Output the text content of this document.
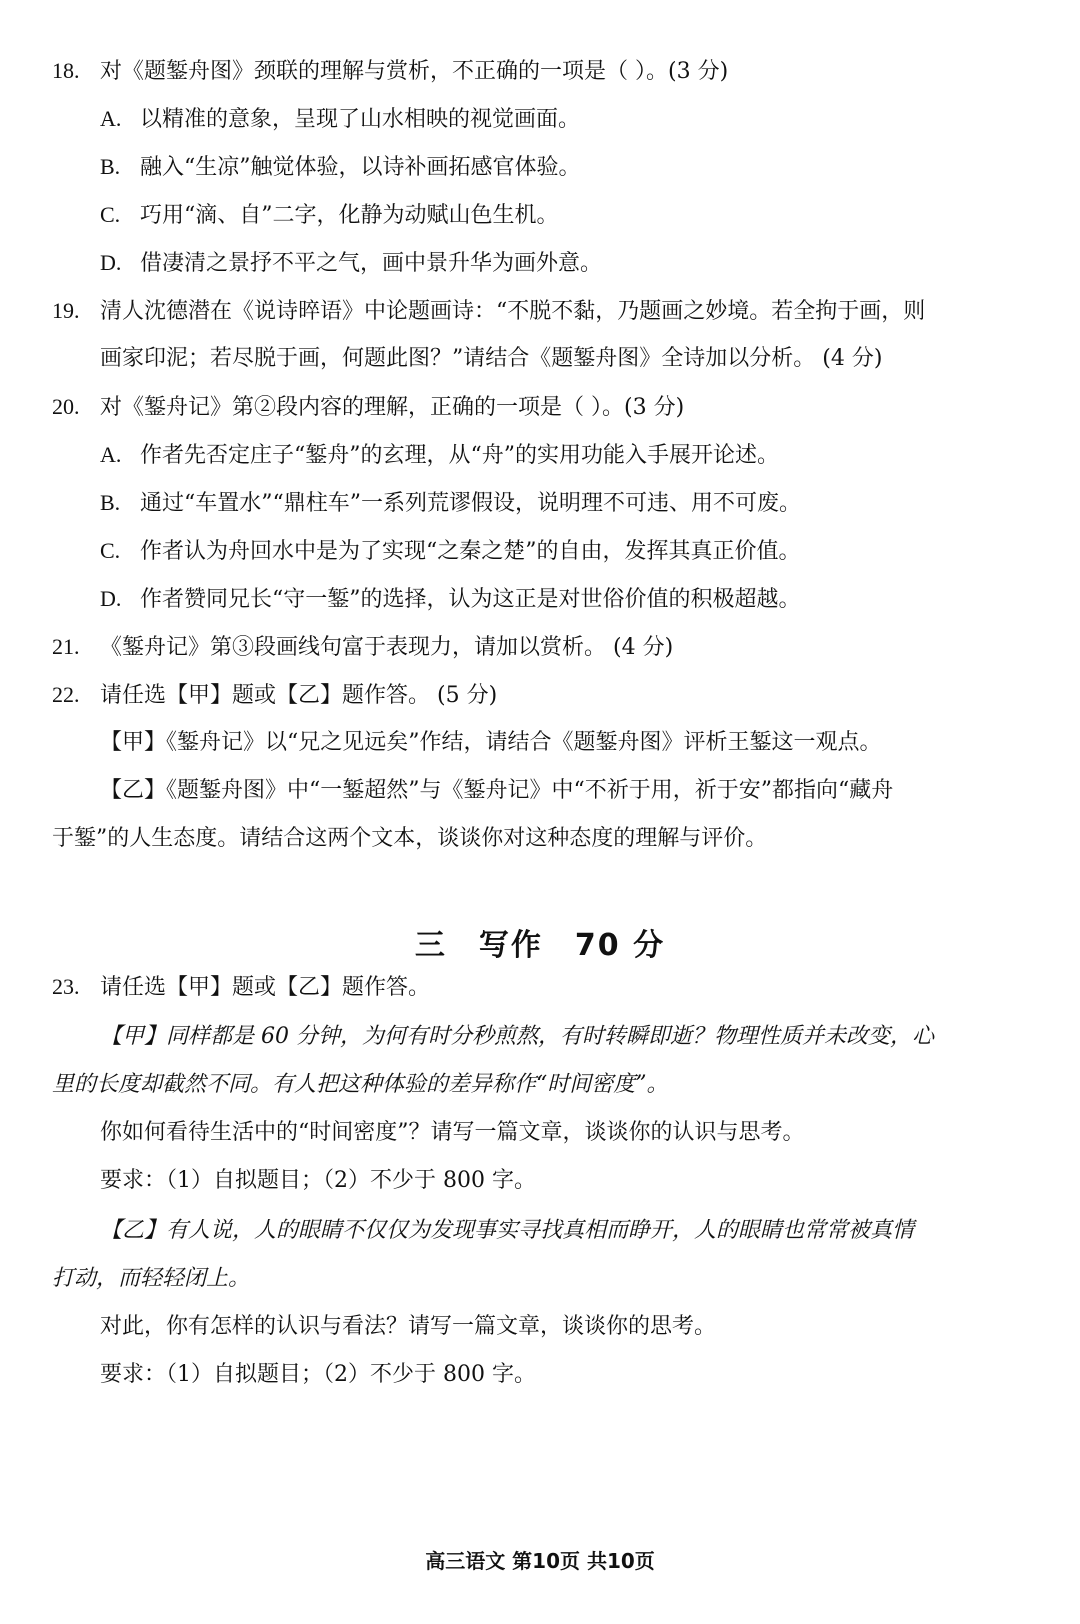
18. 对《题錾舟图》颈联的理解与赏析，不正确的一项是（ ）。(3 分)
A. 以精准的意象，呈现了山水相映的视觉画面。
B. 融入“生凉”触觉体验，以诗补画拓感官体验。
C. 巧用“滴、自”二字，化静为动赋山色生机。
D. 借凄清之景抒不平之气，画中景升华为画外意。
19. 清人沈德潜在《说诗晬语》中论题画诗：“不脱不黏，乃题画之妙境。若全拘于画，则
画家印泥；若尽脱于画，何题此图？”请结合《题錾舟图》全诗加以分析。 (4 分)
20. 对《錾舟记》第②段内容的理解，正确的一项是（ ）。(3 分)
A. 作者先否定庄子“錾舟”的玄理，从“舟”的实用功能入手展开论述。
B. 通过“车置水”“鼎柱车”一系列荒谬假设，说明理不可违、用不可废。
C. 作者认为舟回水中是为了实现“之秦之楚”的自由，发挥其真正价值。
D. 作者赞同兄长“守一錾”的选择，认为这正是对世俗价值的积极超越。
21. 《錾舟记》第③段画线句富于表现力，请加以赏析。 (4 分)
22. 请任选【甲】题或【乙】题作答。 (5 分)
【甲】《錾舟记》以“兄之见远矣”作结，请结合《题錾舟图》评析王錾这一观点。
【乙】《题錾舟图》中“一錾超然”与《錾舟记》中“不祈于用，祈于安”都指向“藏舟
于錾”的人生态度。请结合这两个文本，谈谈你对这种态度的理解与评价。
三　写作　70 分
23. 请任选【甲】题或【乙】题作答。
【甲】同样都是 60 分钟，为何有时分秒煎熬，有时转瞬即逝？物理性质并未改变，心
里的长度却截然不同。有人把这种体验的差异称作“时间密度”。
你如何看待生活中的“时间密度”？请写一篇文章，谈谈你的认识与思考。
要求：（1）自拟题目；（2）不少于 800 字。
【乙】有人说，人的眼睛不仅仅为发现事实寻找真相而睁开，人的眼睛也常常被真情
打动，而轻轻闭上。
对此，你有怎样的认识与看法？请写一篇文章，谈谈你的思考。
要求：（1）自拟题目；（2）不少于 800 字。
高三语文 第10页 共10页
